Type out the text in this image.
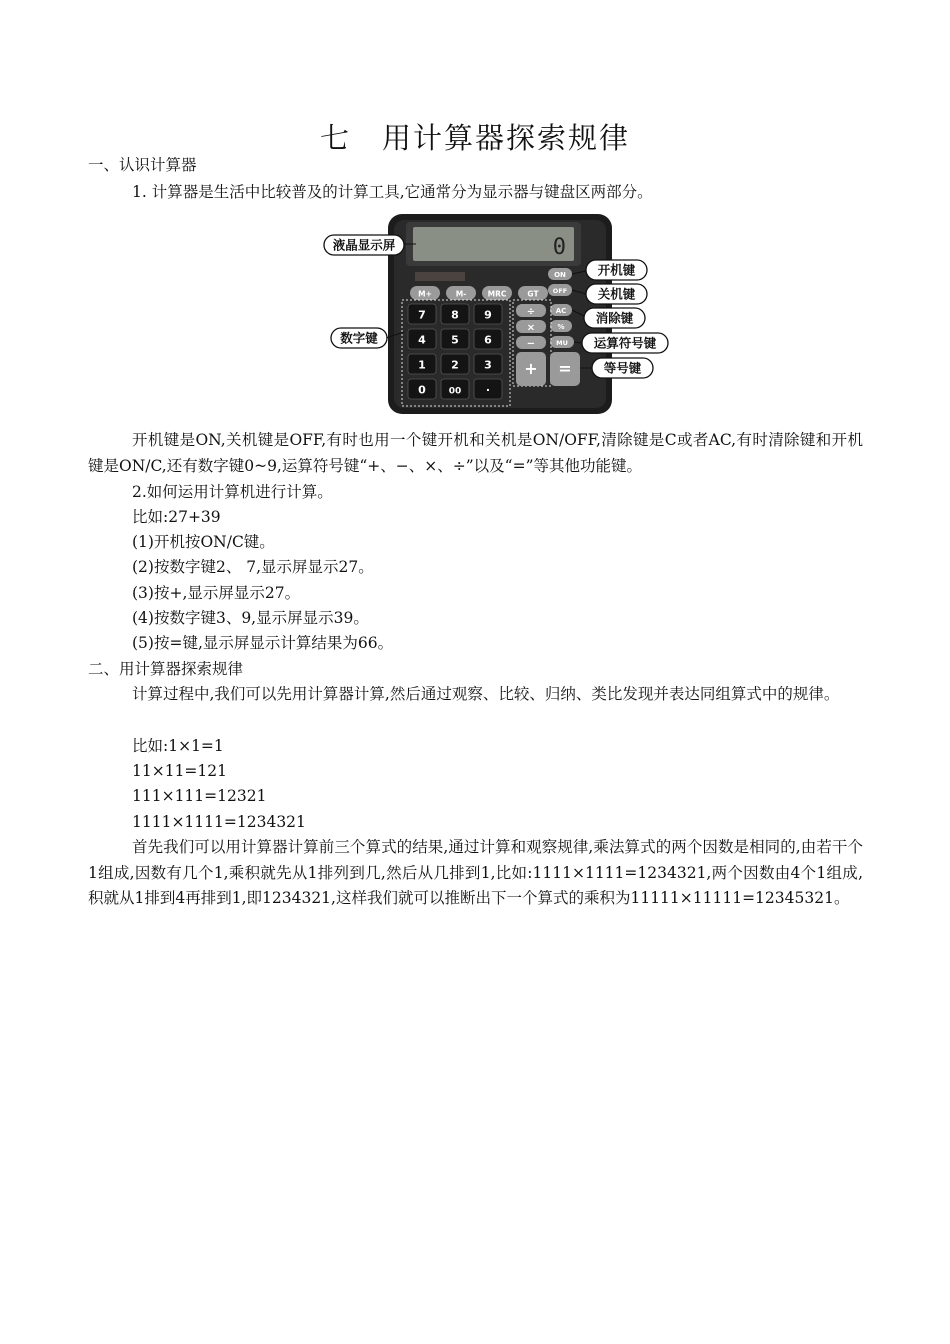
七　用计算器探索规律
一、认识计算器
1. 计算器是生活中比较普及的计算工具,它通常分为显示器与键盘区两部分。
0
M+	M-	MRC	GT
ON
OFF
AC
%
MU
7 8 9
4 5 6
1 2 3
0	00 ·
÷
×
−
+ =
液晶显示屏
数字键
开机键
关机键
消除键
运算符号键
等号键
开机键是ON,关机键是OFF,有时也用一个键开机和关机是ON/OFF,清除键是C或者AC,有时清除键和开机键是ON/C,还有数字键0~9,运算符号键“+、−、×、÷”以及“=”等其他功能键。
2.如何运用计算机进行计算。
比如:27+39
(1)开机按ON/C键。
(2)按数字键2、 7,显示屏显示27。
(3)按+,显示屏显示27。
(4)按数字键3、9,显示屏显示39。
(5)按=键,显示屏显示计算结果为66。
二、用计算器探索规律
计算过程中,我们可以先用计算器计算,然后通过观察、比较、归纳、类比发现并表达同组算式中的规律。
比如:1×1=1
11×11=121
111×111=12321
1111×1111=1234321
首先我们可以用计算器计算前三个算式的结果,通过计算和观察规律,乘法算式的两个因数是相同的,由若干个1组成,因数有几个1,乘积就先从1排列到几,然后从几排到1,比如:1111×1111=1234321,两个因数由4个1组成,积就从1排到4再排到1,即1234321,这样我们就可以推断出下一个算式的乘积为11111×11111=12345321。
